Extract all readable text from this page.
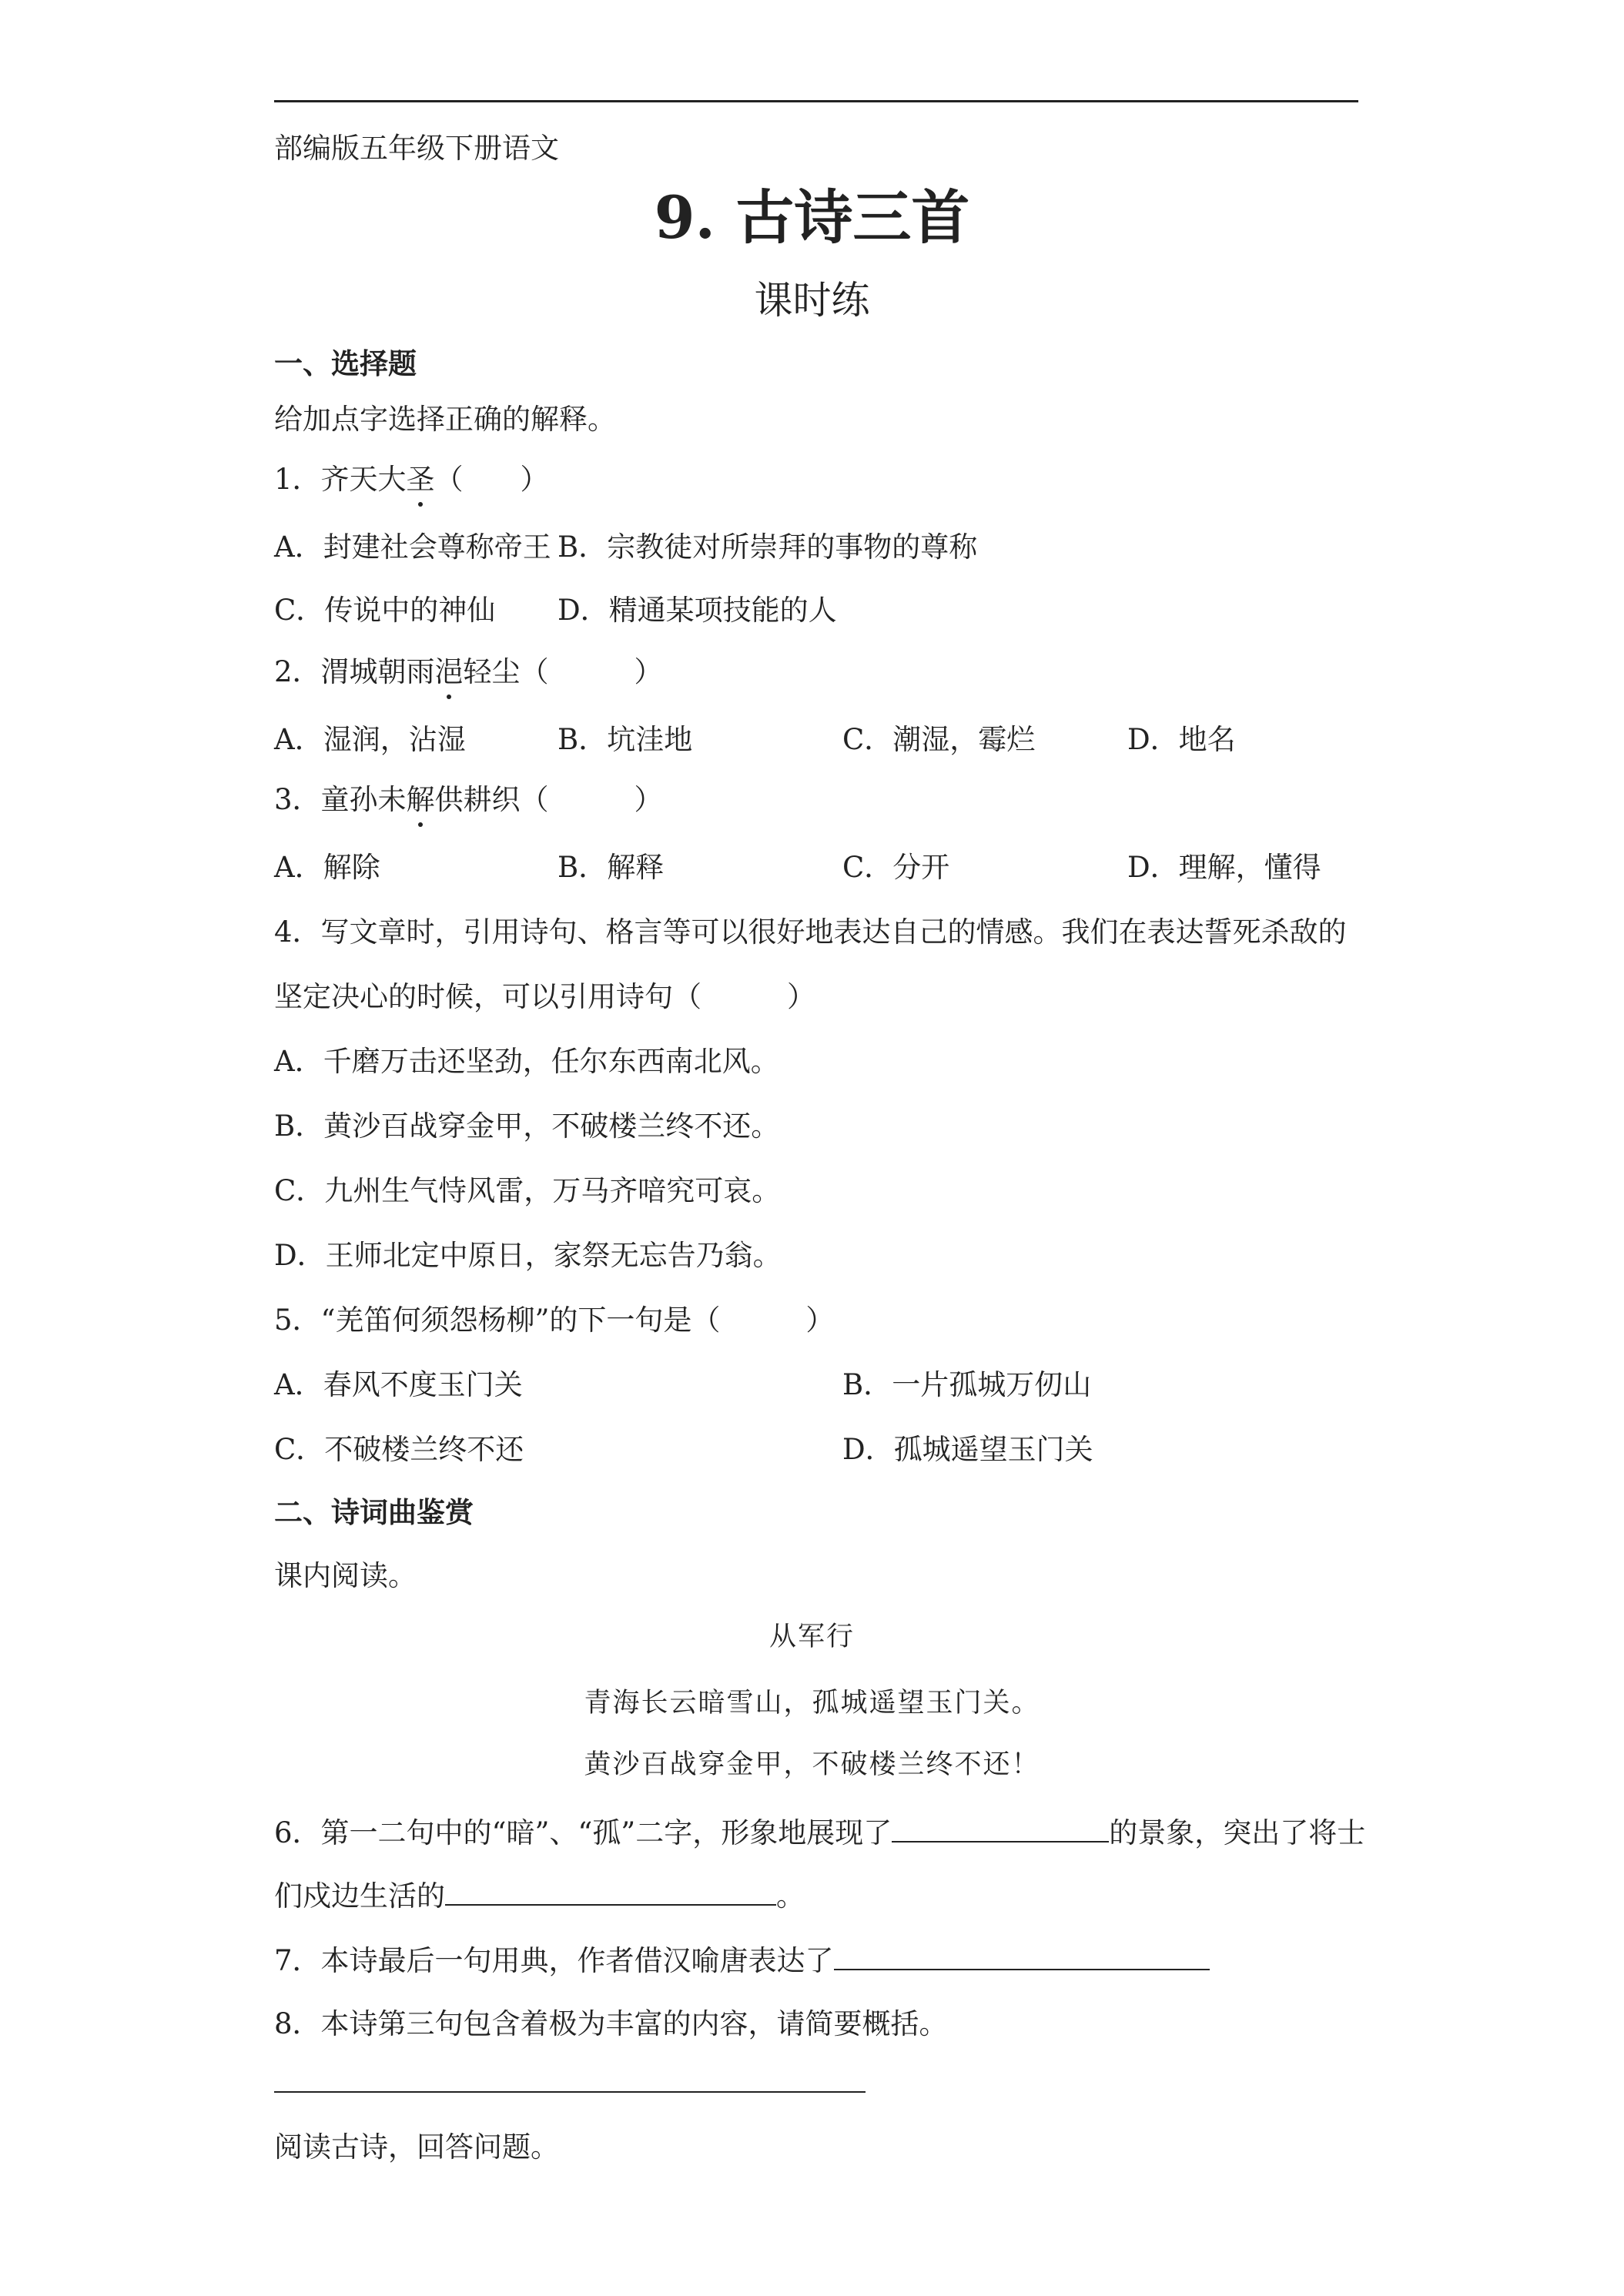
部编版五年级下册语文
9. 古诗三首
课时练
一、选择题
给加点字选择正确的解释。
1．齐天大圣（　　）
A．封建社会尊称帝王 B．宗教徒对所崇拜的事物的尊称
C．传说中的神仙 D．精通某项技能的人
2．渭城朝雨浥轻尘（　　　）
A．湿润，沾湿	B．坑洼地	C．潮湿，霉烂	D．地名
3．童孙未解供耕织（　　　）
A．解除	B．解释	C．分开	D．理解，懂得
4．写文章时，引用诗句、格言等可以很好地表达自己的情感。我们在表达誓死杀敌的
坚定决心的时候，可以引用诗句（　　　）
A．千磨万击还坚劲，任尔东西南北风。
B．黄沙百战穿金甲，不破楼兰终不还。
C．九州生气恃风雷，万马齐喑究可哀。
D．王师北定中原日，家祭无忘告乃翁。
5．“羌笛何须怨杨柳”的下一句是（　　　）
A．春风不度玉门关	B．一片孤城万仞山
C．不破楼兰终不还	D．孤城遥望玉门关
二、诗词曲鉴赏
课内阅读。
从军行
青海长云暗雪山，孤城遥望玉门关。
黄沙百战穿金甲，不破楼兰终不还！
6．第一二句中的“暗”、“孤”二字，形象地展现了	的景象，突出了将士
们戍边生活的	。
7．本诗最后一句用典，作者借汉喻唐表达了
8．本诗第三句包含着极为丰富的内容，请简要概括。
阅读古诗，回答问题。
